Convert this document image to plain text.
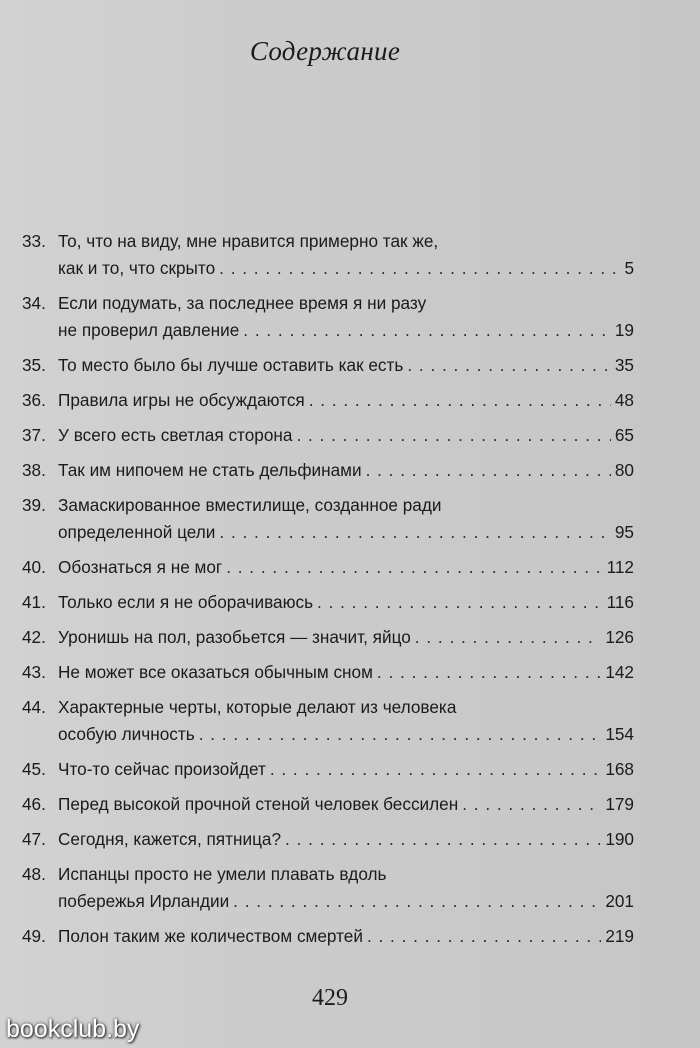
Содержание
33. То, что на виду, мне нравится примерно так же,
как и то, что скрыто . . .	5
34. Если подумать, за последнее время я ни разу
не проверил давление . . .	19
35. То место было бы лучше оставить как есть . . .	35
36. Правила игры не обсуждаются . . .	48
37. У всего есть светлая сторона . . .	65
38. Так им нипочем не стать дельфинами . . .	80
39. Замаскированное вместилище, созданное ради
определенной цели . . .	95
40. Обознаться я не мог . . .	112
41. Только если я не оборачиваюсь . . .	116
42. Уронишь на пол, разобьется — значит, яйцо . . .	126
43. Не может все оказаться обычным сном . . .	142
44. Характерные черты, которые делают из человека
особую личность . . .	154
45. Что-то сейчас произойдет . . .	168
46. Перед высокой прочной стеной человек бессилен . . .	179
47. Сегодня, кажется, пятница? . . .	190
48. Испанцы просто не умели плавать вдоль
побережья Ирландии . . .	201
49. Полон таким же количеством смертей . . .	219
429
bookclub.by
